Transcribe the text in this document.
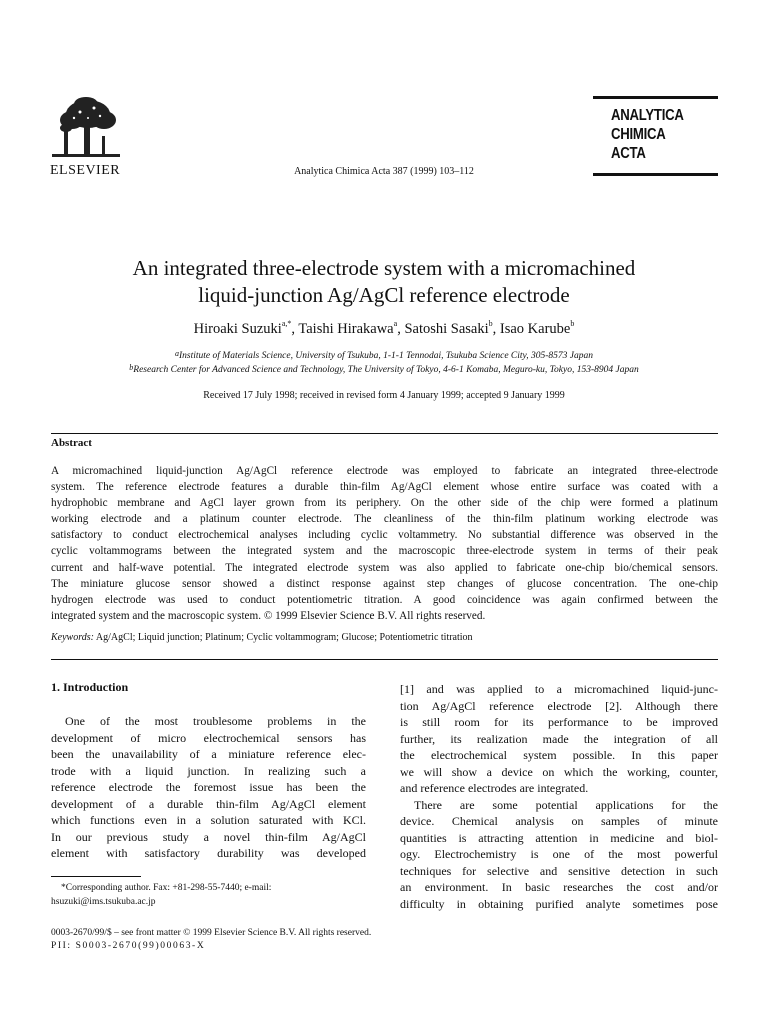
ELSEVIER	Analytica Chimica Acta 387 (1999) 103–112
ANALYTICA
CHIMICA
ACTA
An integrated three-electrode system with a micromachined
liquid-junction Ag/AgCl reference electrode
Hiroaki Suzuki$^{a,*}$, Taishi Hirakawa$^a$, Satoshi Sasaki$^b$, Isao Karube$^b$
$^a$Institute of Materials Science, University of Tsukuba, 1-1-1 Tennodai, Tsukuba Science City, 305-8573 Japan
$^b$Research Center for Advanced Science and Technology, The University of Tokyo, 4-6-1 Komaba, Meguro-ku, Tokyo, 153-8904 Japan
Received 17 July 1998; received in revised form 4 January 1999; accepted 9 January 1999
Abstract
A micromachined liquid-junction Ag/AgCl reference electrode was employed to fabricate an integrated three-electrode
system. The reference electrode features a durable thin-film Ag/AgCl element whose entire surface was coated with a
hydrophobic membrane and AgCl layer grown from its periphery. On the other side of the chip were formed a platinum
working electrode and a platinum counter electrode. The cleanliness of the thin-film platinum working electrode was
satisfactory to conduct electrochemical analyses including cyclic voltammetry. No substantial difference was observed in the
cyclic voltammograms between the integrated system and the macroscopic three-electrode system in terms of their peak
current and half-wave potential. The integrated electrode system was also applied to fabricate one-chip bio/chemical sensors.
The miniature glucose sensor showed a distinct response against step changes of glucose concentration. The one-chip
hydrogen electrode was used to conduct potentiometric titration. A good coincidence was again confirmed between the
integrated system and the macroscopic system. © 1999 Elsevier Science B.V. All rights reserved.
Keywords: Ag/AgCl; Liquid junction; Platinum; Cyclic voltammogram; Glucose; Potentiometric titration
1. Introduction
One of the most troublesome problems in the
development of micro electrochemical sensors has
been the unavailability of a miniature reference elec-
trode with a liquid junction. In realizing such a
reference electrode the foremost issue has been the
development of a durable thin-film Ag/AgCl element
which functions even in a solution saturated with KCl.
In our previous study a novel thin-film Ag/AgCl
element with satisfactory durability was developed
[1] and was applied to a micromachined liquid-junc-
tion Ag/AgCl reference electrode [2]. Although there
is still room for its performance to be improved
further, its realization made the integration of all
the electrochemical system possible. In this paper
we will show a device on which the working, counter,
and reference electrodes are integrated.
There are some potential applications for the
device. Chemical analysis on samples of minute
quantities is attracting attention in medicine and biol-
ogy. Electrochemistry is one of the most powerful
techniques for selective and sensitive detection in such
an environment. In basic researches the cost and/or
difficulty in obtaining purified analyte sometimes pose
*Corresponding author. Fax: +81-298-55-7440; e-mail:
hsuzuki@ims.tsukuba.ac.jp
0003-2670/99/$ – see front matter © 1999 Elsevier Science B.V. All rights reserved.
PII: S0003-2670(99)00063-X
